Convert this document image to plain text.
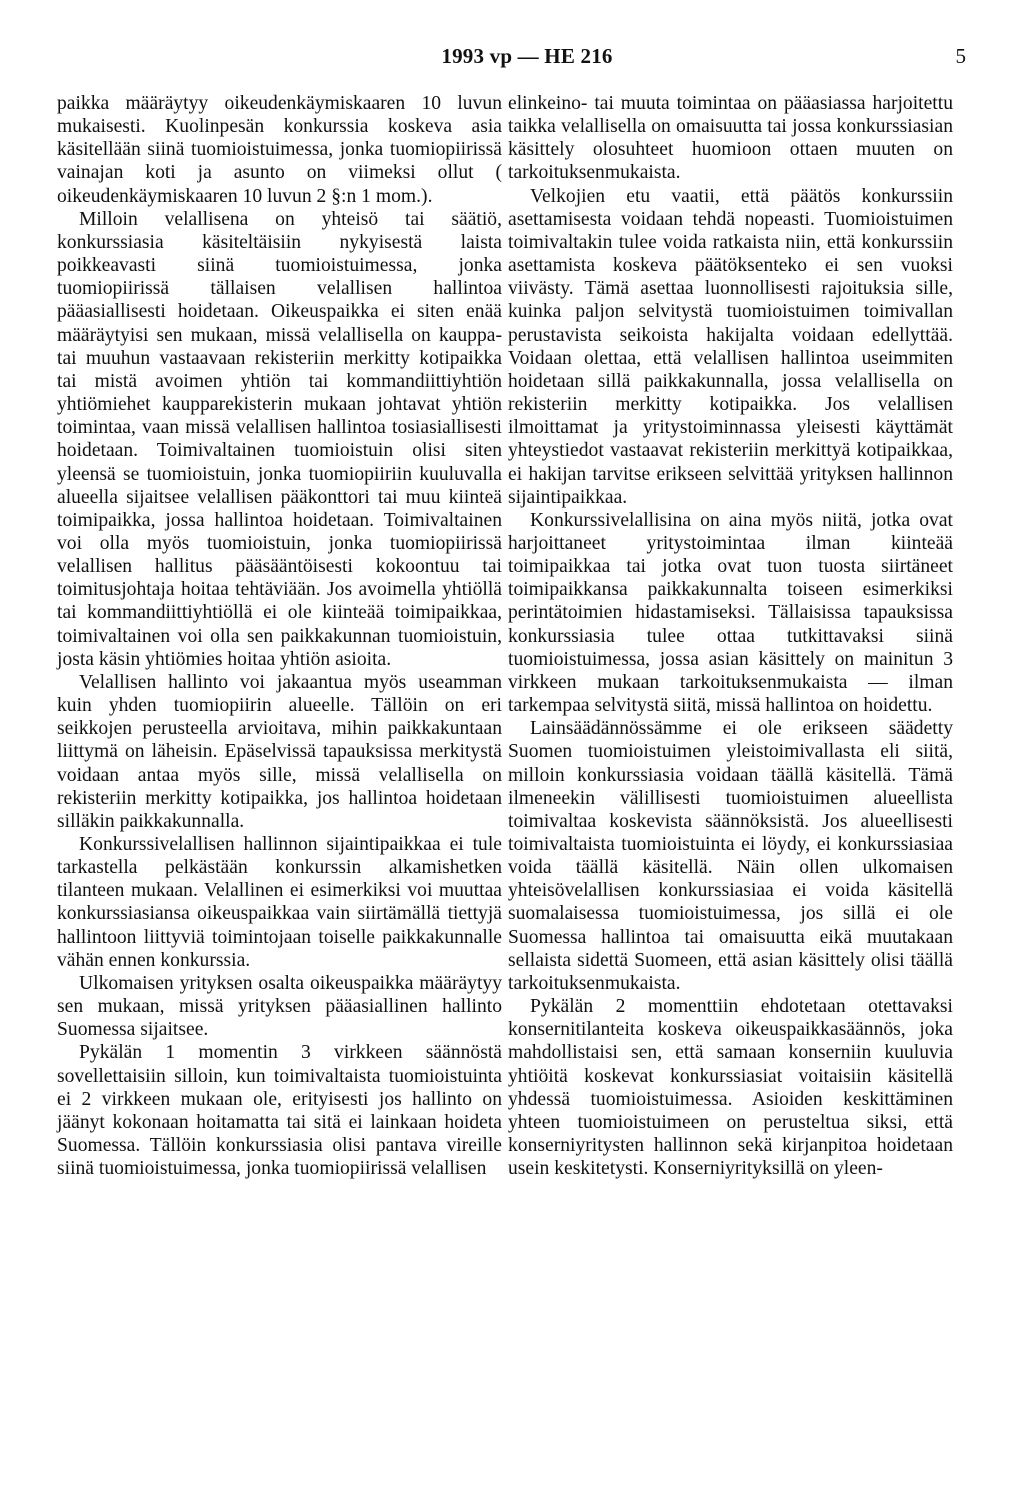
1993 vp — HE 216	5

paikka määräytyy oikeudenkäymiskaaren 10 luvun mukaisesti. Kuolinpesän konkurssia koskeva asia käsitellään siinä tuomioistuimessa, jonka tuomiopiirissä vainajan koti ja asunto on viimeksi ollut ( oikeudenkäymiskaaren 10 luvun 2 §:n 1 mom.).

Milloin velallisena on yhteisö tai säätiö, konkurssiasia käsiteltäisiin nykyisestä laista poikkeavasti siinä tuomioistuimessa, jonka tuomiopiirissä tällaisen velallisen hallintoa pääasiallisesti hoidetaan. Oikeuspaikka ei siten enää määräytyisi sen mukaan, missä velallisella on kauppa- tai muuhun vastaavaan rekisteriin merkitty kotipaikka tai mistä avoimen yhtiön tai kommandiittiyhtiön yhtiömiehet kaupparekisterin mukaan johtavat yhtiön toimintaa, vaan missä velallisen hallintoa tosiasiallisesti hoidetaan. Toimivaltainen tuomioistuin olisi siten yleensä se tuomioistuin, jonka tuomiopiiriin kuuluvalla alueella sijaitsee velallisen pääkonttori tai muu kiinteä toimipaikka, jossa hallintoa hoidetaan. Toimivaltainen voi olla myös tuomioistuin, jonka tuomiopiirissä velallisen hallitus pääsääntöisesti kokoontuu tai toimitusjohtaja hoitaa tehtäviään. Jos avoimella yhtiöllä tai kommandiittiyhtiöllä ei ole kiinteää toimipaikkaa, toimivaltainen voi olla sen paikkakunnan tuomioistuin, josta käsin yhtiömies hoitaa yhtiön asioita.

Velallisen hallinto voi jakaantua myös useamman kuin yhden tuomiopiirin alueelle. Tällöin on eri seikkojen perusteella arvioitava, mihin paikkakuntaan liittymä on läheisin. Epäselvissä tapauksissa merkitystä voidaan antaa myös sille, missä velallisella on rekisteriin merkitty kotipaikka, jos hallintoa hoidetaan silläkin paikkakunnalla.

Konkurssivelallisen hallinnon sijaintipaikkaa ei tule tarkastella pelkästään konkurssin alkamishetken tilanteen mukaan. Velallinen ei esimerkiksi voi muuttaa konkurssiasiansa oikeuspaikkaa vain siirtämällä tiettyjä hallintoon liittyviä toimintojaan toiselle paikkakunnalle vähän ennen konkurssia.

Ulkomaisen yrityksen osalta oikeuspaikka määräytyy sen mukaan, missä yrityksen pääasiallinen hallinto Suomessa sijaitsee.

Pykälän 1 momentin 3 virkkeen säännöstä sovellettaisiin silloin, kun toimivaltaista tuomioistuinta ei 2 virkkeen mukaan ole, erityisesti jos hallinto on jäänyt kokonaan hoitamatta tai sitä ei lainkaan hoideta Suomessa. Tällöin konkurssiasia olisi pantava vireille siinä tuomioistuimessa, jonka tuomiopiirissä velallisen

elinkeino- tai muuta toimintaa on pääasiassa harjoitettu taikka velallisella on omaisuutta tai jossa konkurssiasian käsittely olosuhteet huomioon ottaen muuten on tarkoituksenmukaista.

Velkojien etu vaatii, että päätös konkurssiin asettamisesta voidaan tehdä nopeasti. Tuomioistuimen toimivaltakin tulee voida ratkaista niin, että konkurssiin asettamista koskeva päätöksenteko ei sen vuoksi viivästy. Tämä asettaa luonnollisesti rajoituksia sille, kuinka paljon selvitystä tuomioistuimen toimivallan perustavista seikoista hakijalta voidaan edellyttää. Voidaan olettaa, että velallisen hallintoa useimmiten hoidetaan sillä paikkakunnalla, jossa velallisella on rekisteriin merkitty kotipaikka. Jos velallisen ilmoittamat ja yritystoiminnassa yleisesti käyttämät yhteystiedot vastaavat rekisteriin merkittyä kotipaikkaa, ei hakijan tarvitse erikseen selvittää yrityksen hallinnon sijaintipaikkaa.

Konkurssivelallisina on aina myös niitä, jotka ovat harjoittaneet yritystoimintaa ilman kiinteää toimipaikkaa tai jotka ovat tuon tuosta siirtäneet toimipaikkansa paikkakunnalta toiseen esimerkiksi perintätoimien hidastamiseksi. Tällaisissa tapauksissa konkurssiasia tulee ottaa tutkittavaksi siinä tuomioistuimessa, jossa asian käsittely on mainitun 3 virkkeen mukaan tarkoituksenmukaista — ilman tarkempaa selvitystä siitä, missä hallintoa on hoidettu.

Lainsäädännössämme ei ole erikseen säädetty Suomen tuomioistuimen yleistoimivallasta eli siitä, milloin konkurssiasia voidaan täällä käsitellä. Tämä ilmeneekin välillisesti tuomioistuimen alueellista toimivaltaa koskevista säännöksistä. Jos alueellisesti toimivaltaista tuomioistuinta ei löydy, ei konkurssiasiaa voida täällä käsitellä. Näin ollen ulkomaisen yhteisövelallisen konkurssiasiaa ei voida käsitellä suomalaisessa tuomioistuimessa, jos sillä ei ole Suomessa hallintoa tai omaisuutta eikä muutakaan sellaista sidettä Suomeen, että asian käsittely olisi täällä tarkoituksenmukaista.

Pykälän 2 momenttiin ehdotetaan otettavaksi konsernitilanteita koskeva oikeuspaikkasäännös, joka mahdollistaisi sen, että samaan konserniin kuuluvia yhtiöitä koskevat konkurssiasiat voitaisiin käsitellä yhdessä tuomioistuimessa. Asioiden keskittäminen yhteen tuomioistuimeen on perusteltua siksi, että konserniyritysten hallinnon sekä kirjanpitoa hoidetaan usein keskitetysti. Konserniyrityksillä on yleen-
